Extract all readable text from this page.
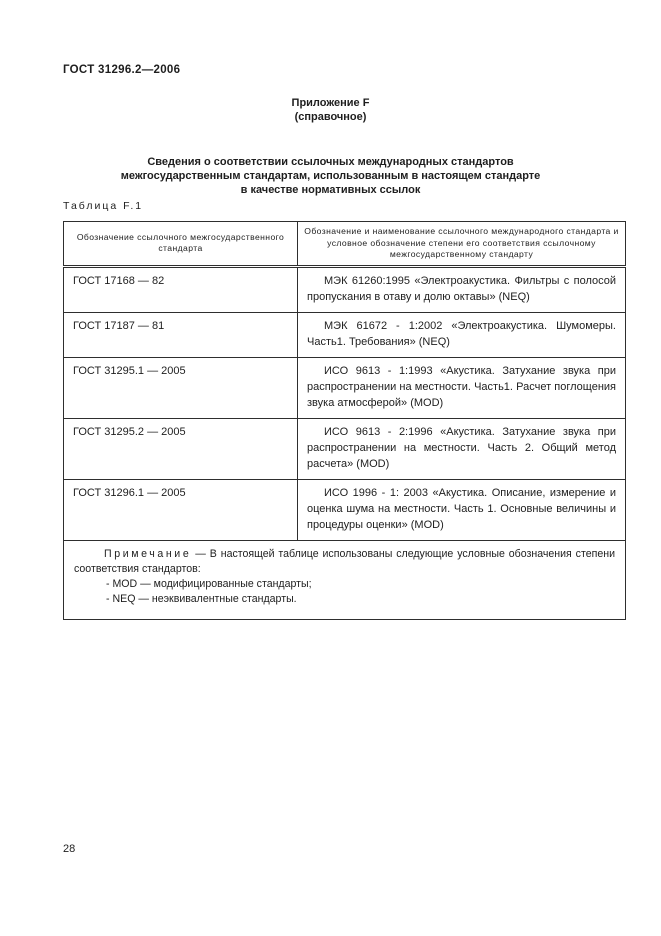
ГОСТ 31296.2—2006
Приложение F
(справочное)
Сведения о соответствии ссылочных международных стандартов
межгосударственным стандартам, использованным в настоящем стандарте
в качестве нормативных ссылок
Таблица F.1
Обозначение ссылочного межгосударственного стандарта	Обозначение и наименование ссылочного международного стандарта и условное обозначение степени его соответствия ссылочному межгосударственному стандарту
ГОСТ 17168 — 82	МЭК 61260:1995 «Электроакустика. Фильтры с полосой пропускания в отаву и долю октавы» (NEQ)
ГОСТ 17187 — 81	МЭК 61672 - 1:2002 «Электроакустика. Шумомеры. Часть1. Требования» (NEQ)
ГОСТ 31295.1 — 2005	ИСО 9613 - 1:1993 «Акустика. Затухание звука при распространении на местности. Часть1. Расчет поглощения звука атмосферой» (MOD)
ГОСТ 31295.2 — 2005	ИСО 9613 - 2:1996 «Акустика. Затухание звука при распространении на местности. Часть 2. Общий метод расчета» (MOD)
ГОСТ 31296.1 — 2005	ИСО 1996 - 1: 2003 «Акустика. Описание, измерение и оценка шума на местности. Часть 1. Основные величины и процедуры оценки» (MOD)

Примечание — В настоящей таблице использованы следующие условные обозначения степени соответствия стандартов:

- MOD — модифицированные стандарты;
- NEQ — неэквивалентные стандарты.	
28
